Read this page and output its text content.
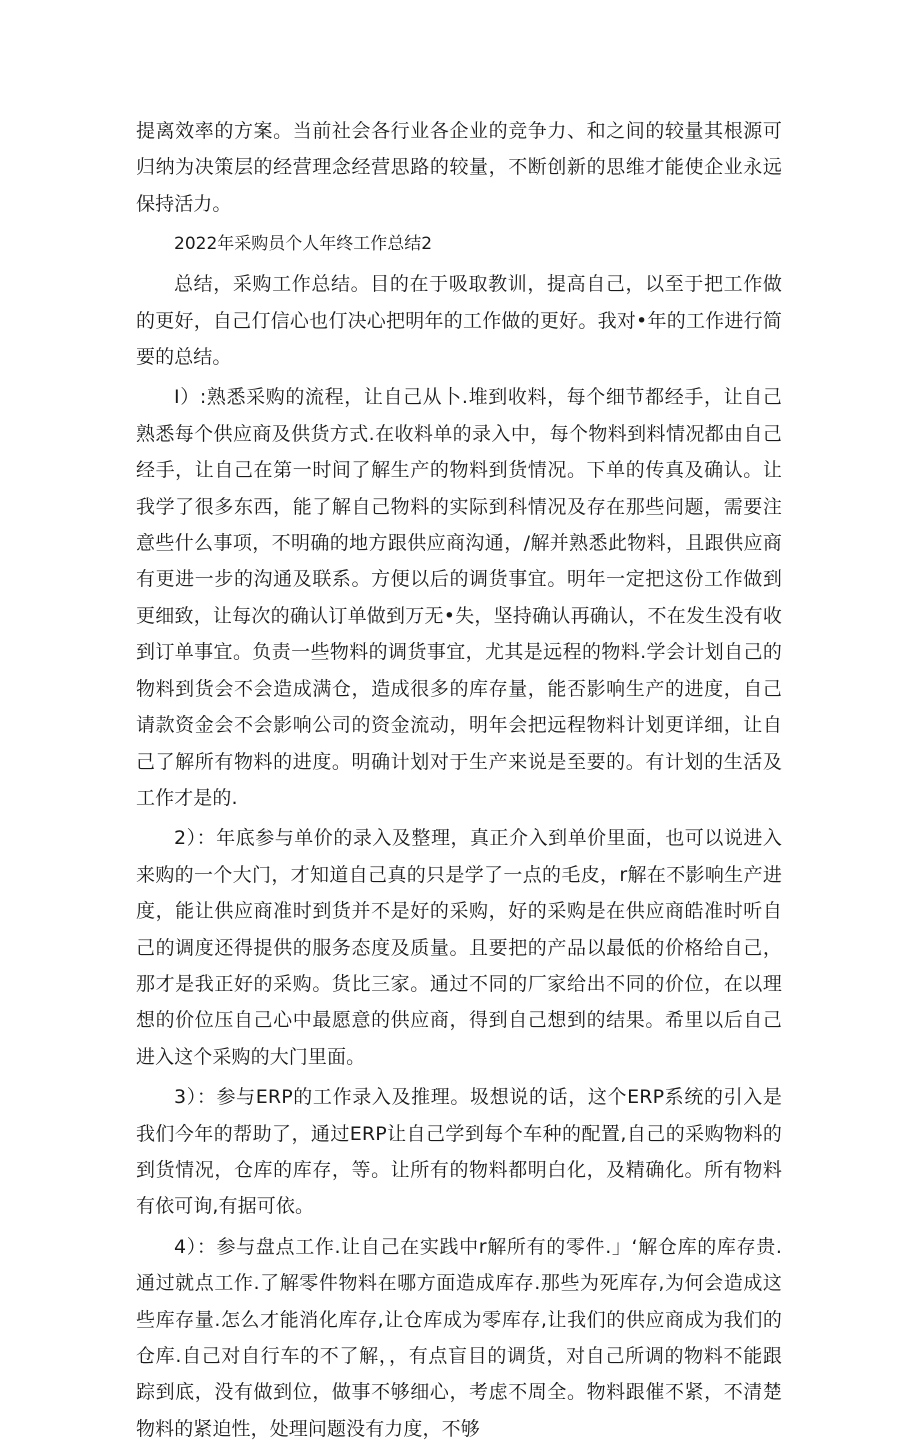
提离效率的方案。当前社会各行业各企业的竞争力、和之间的较量其根源可归纳为决策层的经营理念经营思路的较量，不断创新的思维才能使企业永远保持活力。

2022年采购员个人年终工作总结2

总结，采购工作总结。目的在于吸取教训，提高自己，以至于把工作做的更好，自己仃信心也仃决心把明年的工作做的更好。我对•年的工作进行简要的总结。

I）:熟悉采购的流程，让自己从卜.堆到收料，每个细节都经手，让自己熟悉每个供应商及供货方式.在收料单的录入中，每个物料到料情况都由自己经手，让自己在第一时间了解生产的物料到货情况。下单的传真及确认。让我学了很多东西，能了解自己物料的实际到科情况及存在那些问题，需要注意些什么事项，不明确的地方跟供应商沟通，/解并熟悉此物料，且跟供应商有更进一步的沟通及联系。方便以后的调货事宜。明年一定把这份工作做到更细致，让每次的确认订单做到万无•失，坚持确认再确认，不在发生没有收到订单事宜。负责一些物料的调货事宜，尤其是远程的物料.学会计划自己的物料到货会不会造成满仓，造成很多的库存量，能否影响生产的进度，自己请款资金会不会影响公司的资金流动，明年会把远程物料计划更详细，让自己了解所有物料的进度。明确计划对于生产来说是至要的。有计划的生活及工作才是的.

2）：年底参与单价的录入及整理，真正介入到单价里面，也可以说进入来购的一个大门，才知道自己真的只是学了一点的毛皮，r解在不影响生产进度，能让供应商准时到货并不是好的采购，好的采购是在供应商皓准时听自己的调度还得提供的服务态度及质量。且要把的产品以最低的价格给自己，那才是我正好的采购。货比三家。通过不同的厂家给出不同的价位，在以理想的价位压自己心中最愿意的供应商，得到自己想到的结果。希里以后自己进入这个采购的大门里面。

3）：参与ERP的工作录入及推理。圾想说的话，这个ERP系统的引入是我们今年的帮助了，通过ERP让自己学到每个车种的配置,自己的采购物料的到货情况，仓库的库存，等。让所有的物料都明白化，及精确化。所有物料有依可询,有据可依。

4）：参与盘点工作.让自己在实践中r解所有的零件.」‘解仓库的库存贵.通过就点工作.了解零件物料在哪方面造成库存.那些为死库存,为何会造成这些库存量.怎么才能消化库存,让仓库成为零库存,让我们的供应商成为我们的仓库.自己对自行车的不了解，，有点盲目的调货，对自己所调的物料不能跟踪到底，没有做到位，做事不够细心，考虑不周全。物料跟催不紧，不清楚物料的紧迫性，处理问题没有力度，不够
